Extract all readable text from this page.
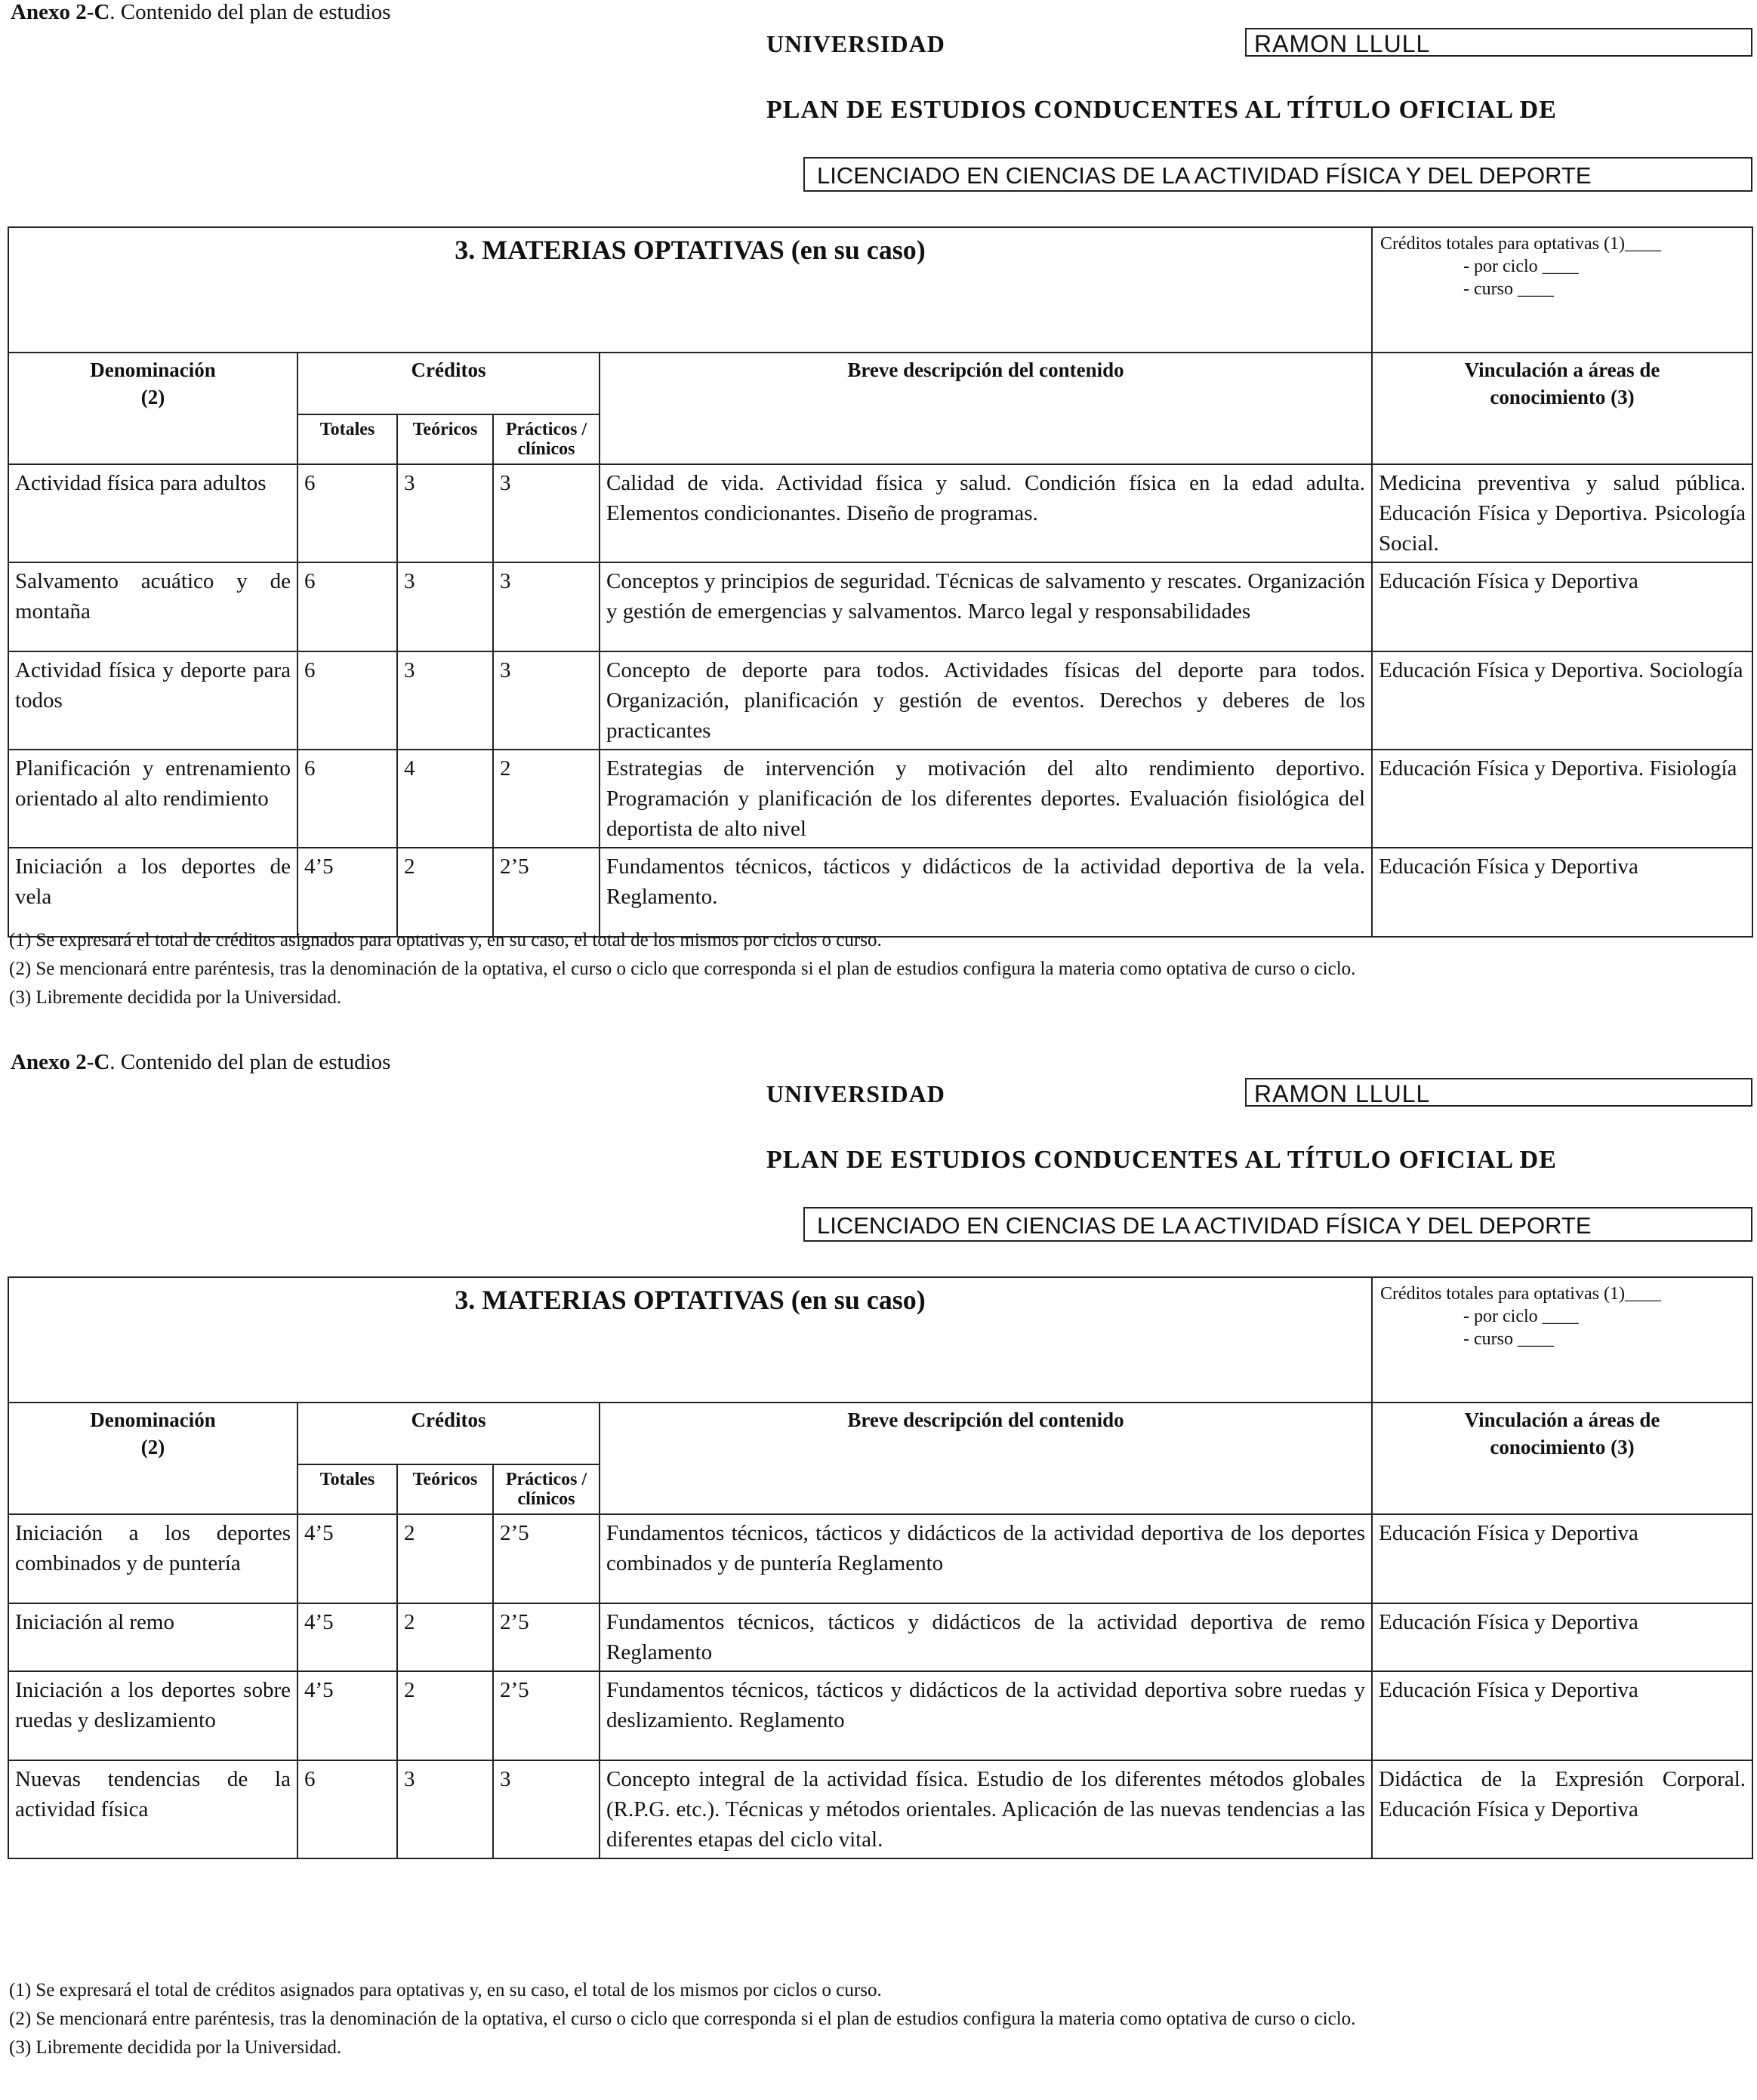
Anexo 2-C. Contenido del plan de estudios
UNIVERSIDAD	RAMON LLULL
PLAN DE ESTUDIOS CONDUCENTES AL TÍTULO OFICIAL DE
LICENCIADO EN CIENCIAS DE LA ACTIVIDAD FÍSICA Y DEL DEPORTE
3. MATERIAS OPTATIVAS (en su caso)					Créditos totales para optativas (1)____
- por ciclo ____
- curso ____

Denominación
(2)	Créditos			Breve descripción del contenido	Vinculación a áreas de conocimiento (3)
	Totales	Teóricos	Prácticos / clínicos		
Actividad física para adultos	6	3	3	Calidad de vida. Actividad física y salud. Condición física en la edad adulta. Elementos condicionantes. Diseño de programas.	Medicina preventiva y salud pública. Educación Física y Deportiva. Psicología Social.
Salvamento acuático y de montaña	6	3	3	Conceptos y principios de seguridad. Técnicas de salvamento y rescates. Organización y gestión de emergencias y salvamentos. Marco legal y responsabilidades	Educación Física y Deportiva
Actividad física y deporte para todos	6	3	3	Concepto de deporte para todos. Actividades físicas del deporte para todos. Organización, planificación y gestión de eventos. Derechos y deberes de los practicantes	Educación Física y Deportiva. Sociología
Planificación y entrenamiento orientado al alto rendimiento	6	4	2	Estrategias de intervención y motivación del alto rendimiento deportivo. Programación y planificación de los diferentes deportes. Evaluación fisiológica del deportista de alto nivel	Educación Física y Deportiva. Fisiología
Iniciación a los deportes de vela	4’5	2	2’5	Fundamentos técnicos, tácticos y didácticos de la actividad deportiva de la vela. Reglamento.	Educación Física y Deportiva
(1) Se expresará el total de créditos asignados para optativas y, en su caso, el total de los mismos por ciclos o curso.
(2) Se mencionará entre paréntesis, tras la denominación de la optativa, el curso o ciclo que corresponda si el plan de estudios configura la materia como optativa de curso o ciclo.
(3) Libremente decidida por la Universidad.
Anexo 2-C. Contenido del plan de estudios
UNIVERSIDAD	RAMON LLULL
PLAN DE ESTUDIOS CONDUCENTES AL TÍTULO OFICIAL DE
LICENCIADO EN CIENCIAS DE LA ACTIVIDAD FÍSICA Y DEL DEPORTE
3. MATERIAS OPTATIVAS (en su caso)					Créditos totales para optativas (1)____
- por ciclo ____
- curso ____

Denominación
(2)	Créditos			Breve descripción del contenido	Vinculación a áreas de conocimiento (3)
	Totales	Teóricos	Prácticos / clínicos		
Iniciación a los deportes combinados y de puntería	4’5	2	2’5	Fundamentos técnicos, tácticos y didácticos de la actividad deportiva de los deportes combinados y de puntería Reglamento	Educación Física y Deportiva
Iniciación al remo	4’5	2	2’5	Fundamentos técnicos, tácticos y didácticos de la actividad deportiva de remo Reglamento	Educación Física y Deportiva
Iniciación a los deportes sobre ruedas y deslizamiento	4’5	2	2’5	Fundamentos técnicos, tácticos y didácticos de la actividad deportiva sobre ruedas y deslizamiento. Reglamento	Educación Física y Deportiva
Nuevas tendencias de la actividad física	6	3	3	Concepto integral de la actividad física. Estudio de los diferentes métodos globales (R.P.G. etc.). Técnicas y métodos orientales. Aplicación de las nuevas tendencias a las diferentes etapas del ciclo vital.	Didáctica de la Expresión Corporal. Educación Física y Deportiva
(1) Se expresará el total de créditos asignados para optativas y, en su caso, el total de los mismos por ciclos o curso.
(2) Se mencionará entre paréntesis, tras la denominación de la optativa, el curso o ciclo que corresponda si el plan de estudios configura la materia como optativa de curso o ciclo.
(3) Libremente decidida por la Universidad.
